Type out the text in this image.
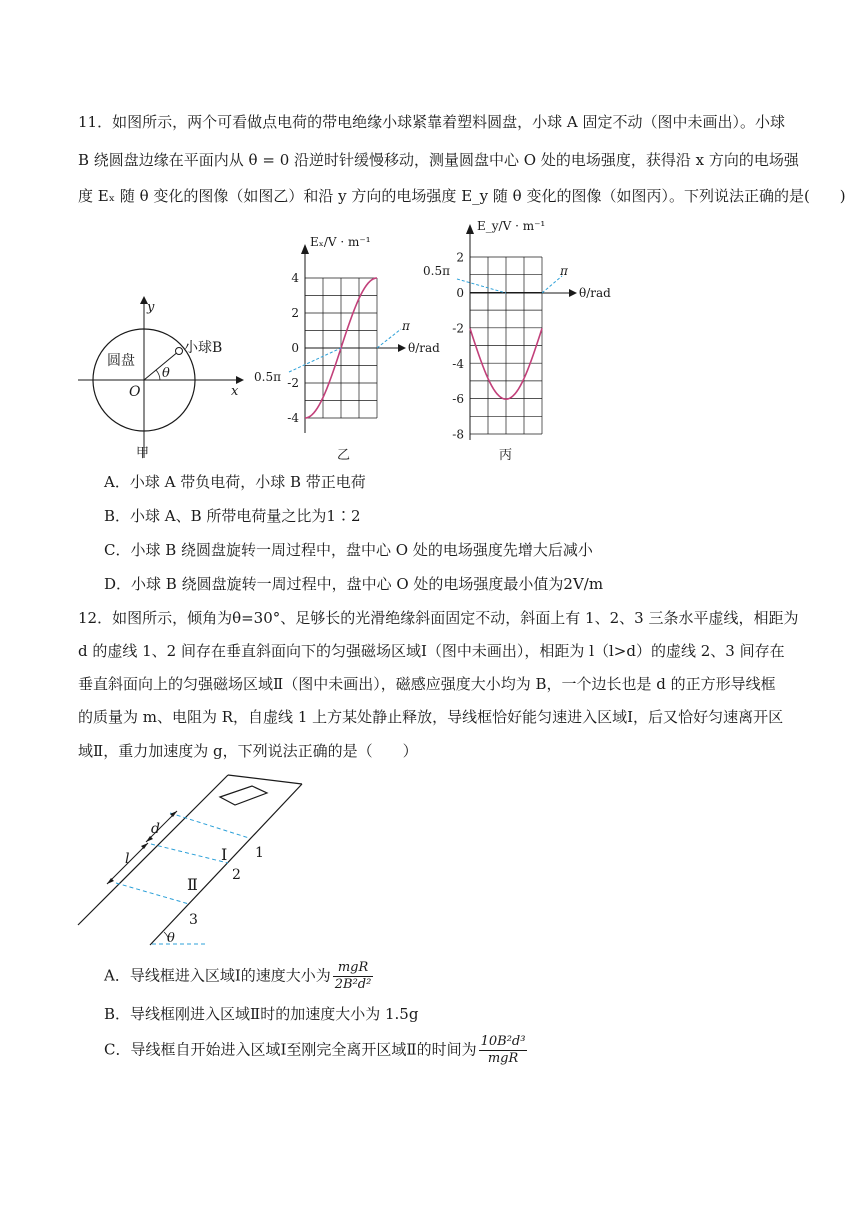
11．如图所示，两个可看做点电荷的带电绝缘小球紧靠着塑料圆盘，小球 A 固定不动（图中未画出）。小球
B 绕圆盘边缘在平面内从 θ = 0 沿逆时针缓慢移动，测量圆盘中心 O 处的电场强度，获得沿 x 方向的电场强
度 Eₓ 随 θ 变化的图像（如图乙）和沿 y 方向的电场强度 E_y 随 θ 变化的图像（如图丙）。下列说法正确的是(　　)
y
x
O
圆盘
小球B
θ
甲
Eₓ/V · m⁻¹
θ/rad
4
2
0
-2
-4
0.5π
π
乙
E_y/V · m⁻¹
θ/rad
2
0
-2
-4
-6
-8
0.5π	π
丙
A．小球 A 带负电荷，小球 B 带正电荷
B．小球 A、B 所带电荷量之比为1∶2
C．小球 B 绕圆盘旋转一周过程中，盘中心 O 处的电场强度先增大后减小
D．小球 B 绕圆盘旋转一周过程中，盘中心 O 处的电场强度最小值为2V/m
12．如图所示，倾角为θ=30°、足够长的光滑绝缘斜面固定不动，斜面上有 1、2、3 三条水平虚线，相距为
d 的虚线 1、2 间存在垂直斜面向下的匀强磁场区域Ⅰ（图中未画出），相距为 l（l>d）的虚线 2、3 间存在
垂直斜面向上的匀强磁场区域Ⅱ（图中未画出），磁感应强度大小均为 B，一个边长也是 d 的正方形导线框
的质量为 m、电阻为 R，自虚线 1 上方某处静止释放，导线框恰好能匀速进入区域Ⅰ，后又恰好匀速离开区
域Ⅱ，重力加速度为 g，下列说法正确的是（　　）
d
l	Ⅰ
Ⅱ
1
2
3
θ
A．导线框进入区域Ⅰ的速度大小为 $\frac{\text{mgR}}{\text{2B²d²}}$
B．导线框刚进入区域Ⅱ时的加速度大小为 1.5g
C．导线框自开始进入区域Ⅰ至刚完全离开区域Ⅱ的时间为 $\frac{\text{10B²d³}}{\text{mgR}}$
